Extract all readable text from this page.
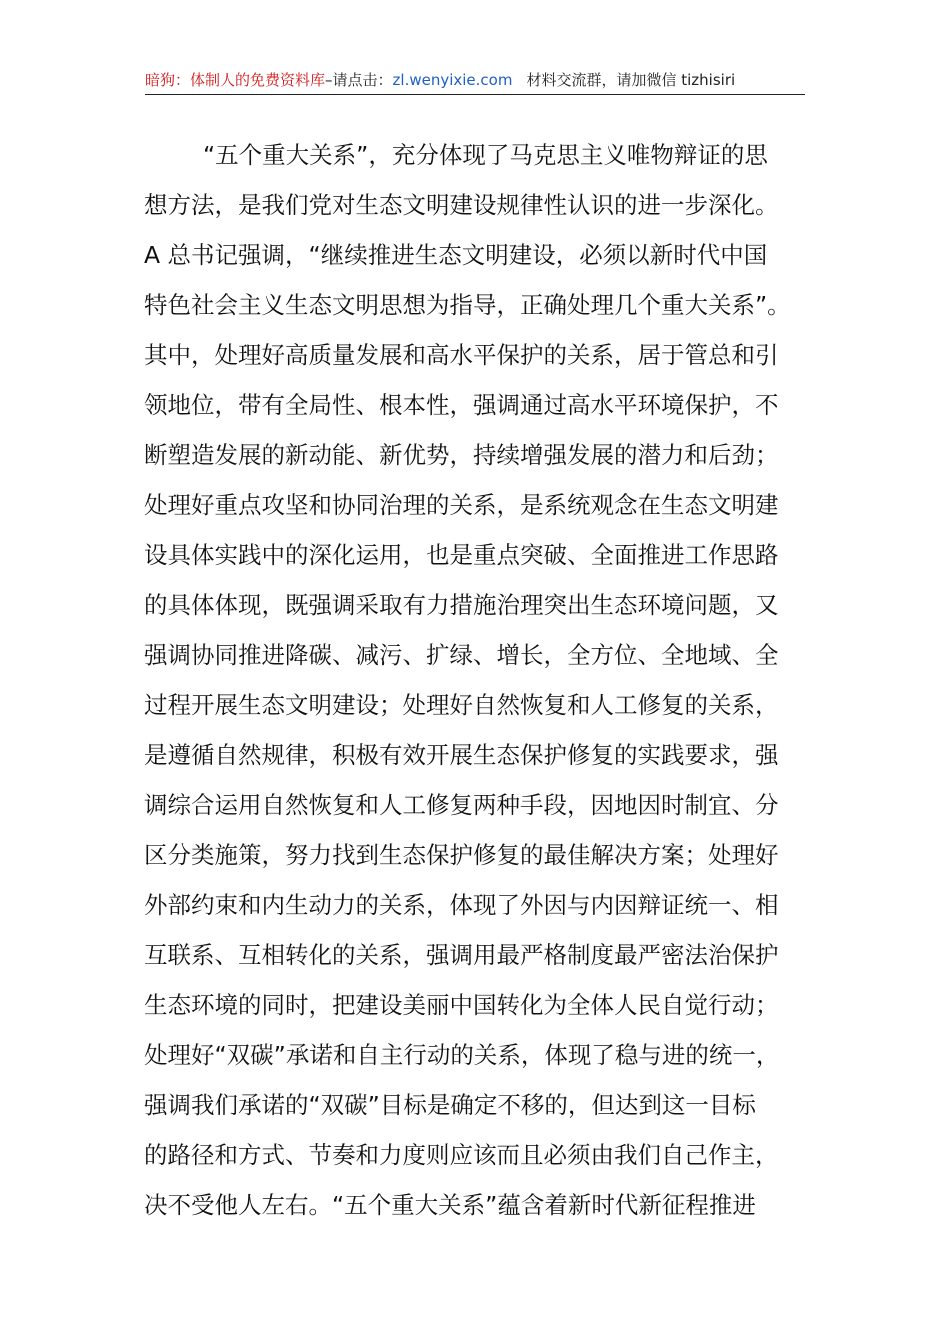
暗狗：体制人的免费资料库–请点击：zl.wenyixie.com 材料交流群，请加微信 tizhisiri
“五个重大关系”，充分体现了马克思主义唯物辩证的思
想方法，是我们党对生态文明建设规律性认识的进一步深化。
A 总书记强调，“继续推进生态文明建设，必须以新时代中国
特色社会主义生态文明思想为指导，正确处理几个重大关系”。
其中，处理好高质量发展和高水平保护的关系，居于管总和引
领地位，带有全局性、根本性，强调通过高水平环境保护，不
断塑造发展的新动能、新优势，持续增强发展的潜力和后劲；
处理好重点攻坚和协同治理的关系，是系统观念在生态文明建
设具体实践中的深化运用，也是重点突破、全面推进工作思路
的具体体现，既强调采取有力措施治理突出生态环境问题，又
强调协同推进降碳、减污、扩绿、增长，全方位、全地域、全
过程开展生态文明建设；处理好自然恢复和人工修复的关系，
是遵循自然规律，积极有效开展生态保护修复的实践要求，强
调综合运用自然恢复和人工修复两种手段，因地因时制宜、分
区分类施策，努力找到生态保护修复的最佳解决方案；处理好
外部约束和内生动力的关系，体现了外因与内因辩证统一、相
互联系、互相转化的关系，强调用最严格制度最严密法治保护
生态环境的同时，把建设美丽中国转化为全体人民自觉行动；
处理好“双碳”承诺和自主行动的关系，体现了稳与进的统一，
强调我们承诺的“双碳”目标是确定不移的，但达到这一目标
的路径和方式、节奏和力度则应该而且必须由我们自己作主，
决不受他人左右。“五个重大关系”蕴含着新时代新征程推进
